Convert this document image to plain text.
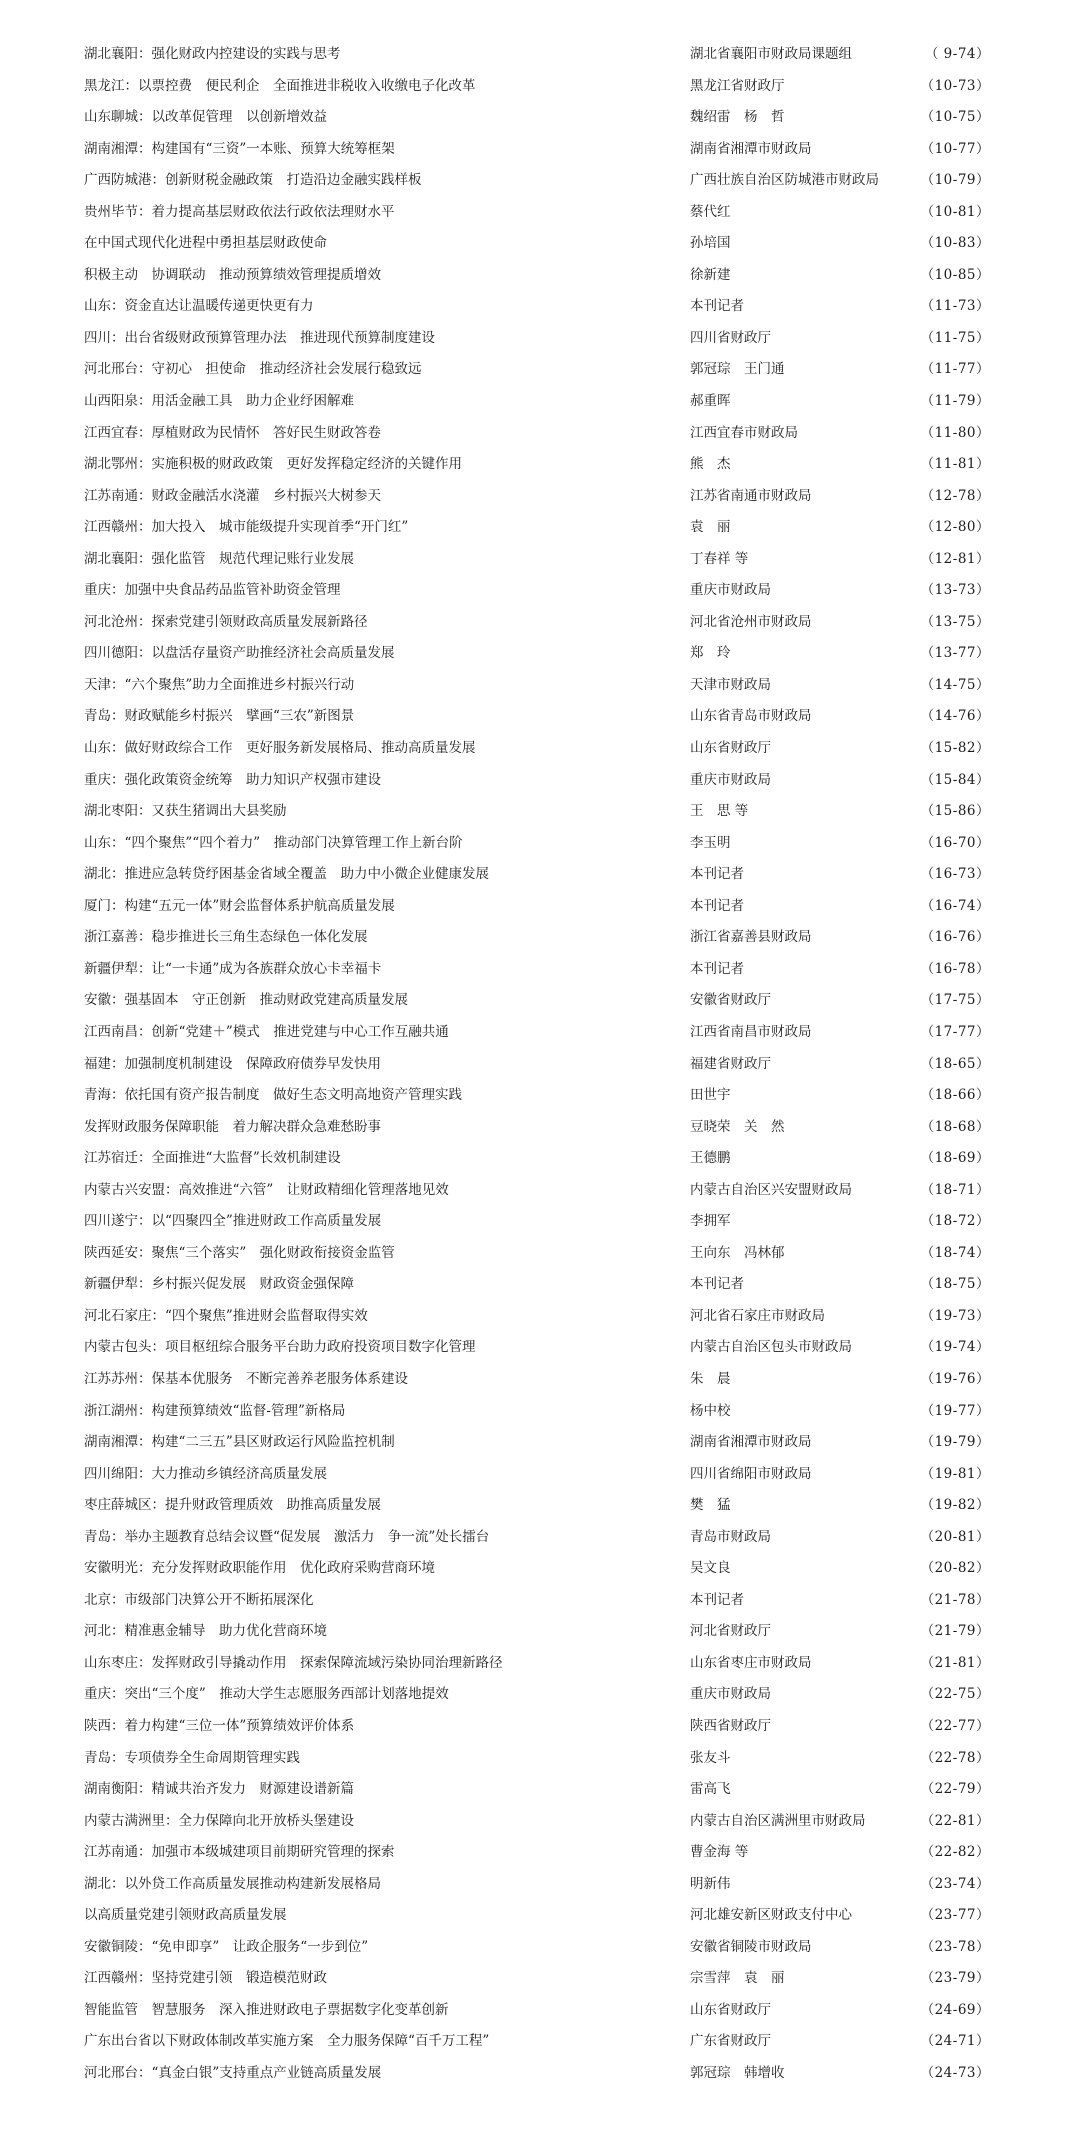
湖北襄阳：强化财政内控建设的实践与思考	湖北省襄阳市财政局课题组	（ 9-74）
黑龙江：以票控费　便民利企　全面推进非税收入收缴电子化改革	黑龙江省财政厅	（10-73）
山东聊城：以改革促管理　以创新增效益	魏绍雷　杨　哲	（10-75）
湖南湘潭：构建国有“三资”一本账、预算大统筹框架	湖南省湘潭市财政局	（10-77）
广西防城港：创新财税金融政策　打造沿边金融实践样板	广西壮族自治区防城港市财政局	（10-79）
贵州毕节：着力提高基层财政依法行政依法理财水平	蔡代红	（10-81）
在中国式现代化进程中勇担基层财政使命	孙培国	（10-83）
积极主动　协调联动　推动预算绩效管理提质增效	徐新建	（10-85）
山东：资金直达让温暖传递更快更有力	本刊记者	（11-73）
四川：出台省级财政预算管理办法　推进现代预算制度建设	四川省财政厅	（11-75）
河北邢台：守初心　担使命　推动经济社会发展行稳致远	郭冠琮　王门通	（11-77）
山西阳泉：用活金融工具　助力企业纾困解难	郝重晖	（11-79）
江西宜春：厚植财政为民情怀　答好民生财政答卷	江西宜春市财政局	（11-80）
湖北鄂州：实施积极的财政政策　更好发挥稳定经济的关键作用	熊　杰	（11-81）
江苏南通：财政金融活水浇灌　乡村振兴大树参天	江苏省南通市财政局	（12-78）
江西赣州：加大投入　城市能级提升实现首季“开门红”	袁　丽	（12-80）
湖北襄阳：强化监管　规范代理记账行业发展	丁春祥 等	（12-81）
重庆：加强中央食品药品监管补助资金管理	重庆市财政局	（13-73）
河北沧州：探索党建引领财政高质量发展新路径	河北省沧州市财政局	（13-75）
四川德阳：以盘活存量资产助推经济社会高质量发展	郑　玲	（13-77）
天津：“六个聚焦”助力全面推进乡村振兴行动	天津市财政局	（14-75）
青岛：财政赋能乡村振兴　擘画“三农”新图景	山东省青岛市财政局	（14-76）
山东：做好财政综合工作　更好服务新发展格局、推动高质量发展	山东省财政厅	（15-82）
重庆：强化政策资金统筹　助力知识产权强市建设	重庆市财政局	（15-84）
湖北枣阳：又获生猪调出大县奖励	王　思 等	（15-86）
山东：“四个聚焦”“四个着力”　推动部门决算管理工作上新台阶	李玉明	（16-70）
湖北：推进应急转贷纾困基金省域全覆盖　助力中小微企业健康发展	本刊记者	（16-73）
厦门：构建“五元一体”财会监督体系护航高质量发展	本刊记者	（16-74）
浙江嘉善：稳步推进长三角生态绿色一体化发展	浙江省嘉善县财政局	（16-76）
新疆伊犁：让“一卡通”成为各族群众放心卡幸福卡	本刊记者	（16-78）
安徽：强基固本　守正创新　推动财政党建高质量发展	安徽省财政厅	（17-75）
江西南昌：创新“党建＋”模式　推进党建与中心工作互融共通	江西省南昌市财政局	（17-77）
福建：加强制度机制建设　保障政府债券早发快用	福建省财政厅	（18-65）
青海：依托国有资产报告制度　做好生态文明高地资产管理实践	田世宇	（18-66）
发挥财政服务保障职能　着力解决群众急难愁盼事	豆晓荣　关　然	（18-68）
江苏宿迁：全面推进“大监督”长效机制建设	王德鹏	（18-69）
内蒙古兴安盟：高效推进“六管”　让财政精细化管理落地见效	内蒙古自治区兴安盟财政局	（18-71）
四川遂宁：以“四聚四全”推进财政工作高质量发展	李拥军	（18-72）
陕西延安：聚焦“三个落实”　强化财政衔接资金监管	王向东　冯林郁	（18-74）
新疆伊犁：乡村振兴促发展　财政资金强保障	本刊记者	（18-75）
河北石家庄：“四个聚焦”推进财会监督取得实效	河北省石家庄市财政局	（19-73）
内蒙古包头：项目枢纽综合服务平台助力政府投资项目数字化管理	内蒙古自治区包头市财政局	（19-74）
江苏苏州：保基本优服务　不断完善养老服务体系建设	朱　晨	（19-76）
浙江湖州：构建预算绩效“监督-管理”新格局	杨中校	（19-77）
湖南湘潭：构建“二三五”县区财政运行风险监控机制	湖南省湘潭市财政局	（19-79）
四川绵阳：大力推动乡镇经济高质量发展	四川省绵阳市财政局	（19-81）
枣庄薛城区：提升财政管理质效　助推高质量发展	樊　猛	（19-82）
青岛：举办主题教育总结会议暨“促发展　激活力　争一流”处长擂台	青岛市财政局	（20-81）
安徽明光：充分发挥财政职能作用　优化政府采购营商环境	吴文良	（20-82）
北京：市级部门决算公开不断拓展深化	本刊记者	（21-78）
河北：精准惠金辅导　助力优化营商环境	河北省财政厅	（21-79）
山东枣庄：发挥财政引导撬动作用　探索保障流域污染协同治理新路径	山东省枣庄市财政局	（21-81）
重庆：突出“三个度”　推动大学生志愿服务西部计划落地提效	重庆市财政局	（22-75）
陕西：着力构建“三位一体”预算绩效评价体系	陕西省财政厅	（22-77）
青岛：专项债券全生命周期管理实践	张友斗	（22-78）
湖南衡阳：精诚共治齐发力　财源建设谱新篇	雷高飞	（22-79）
内蒙古满洲里：全力保障向北开放桥头堡建设	内蒙古自治区满洲里市财政局	（22-81）
江苏南通：加强市本级城建项目前期研究管理的探索	曹金海 等	（22-82）
湖北：以外贷工作高质量发展推动构建新发展格局	明新伟	（23-74）
以高质量党建引领财政高质量发展	河北雄安新区财政支付中心	（23-77）
安徽铜陵：“免申即享”　让政企服务“一步到位”	安徽省铜陵市财政局	（23-78）
江西赣州：坚持党建引领　锻造模范财政	宗雪萍　袁　丽	（23-79）
智能监管　智慧服务　深入推进财政电子票据数字化变革创新	山东省财政厅	（24-69）
广东出台省以下财政体制改革实施方案　全力服务保障“百千万工程”	广东省财政厅	（24-71）
河北邢台：“真金白银”支持重点产业链高质量发展	郭冠琮　韩增收	（24-73）
